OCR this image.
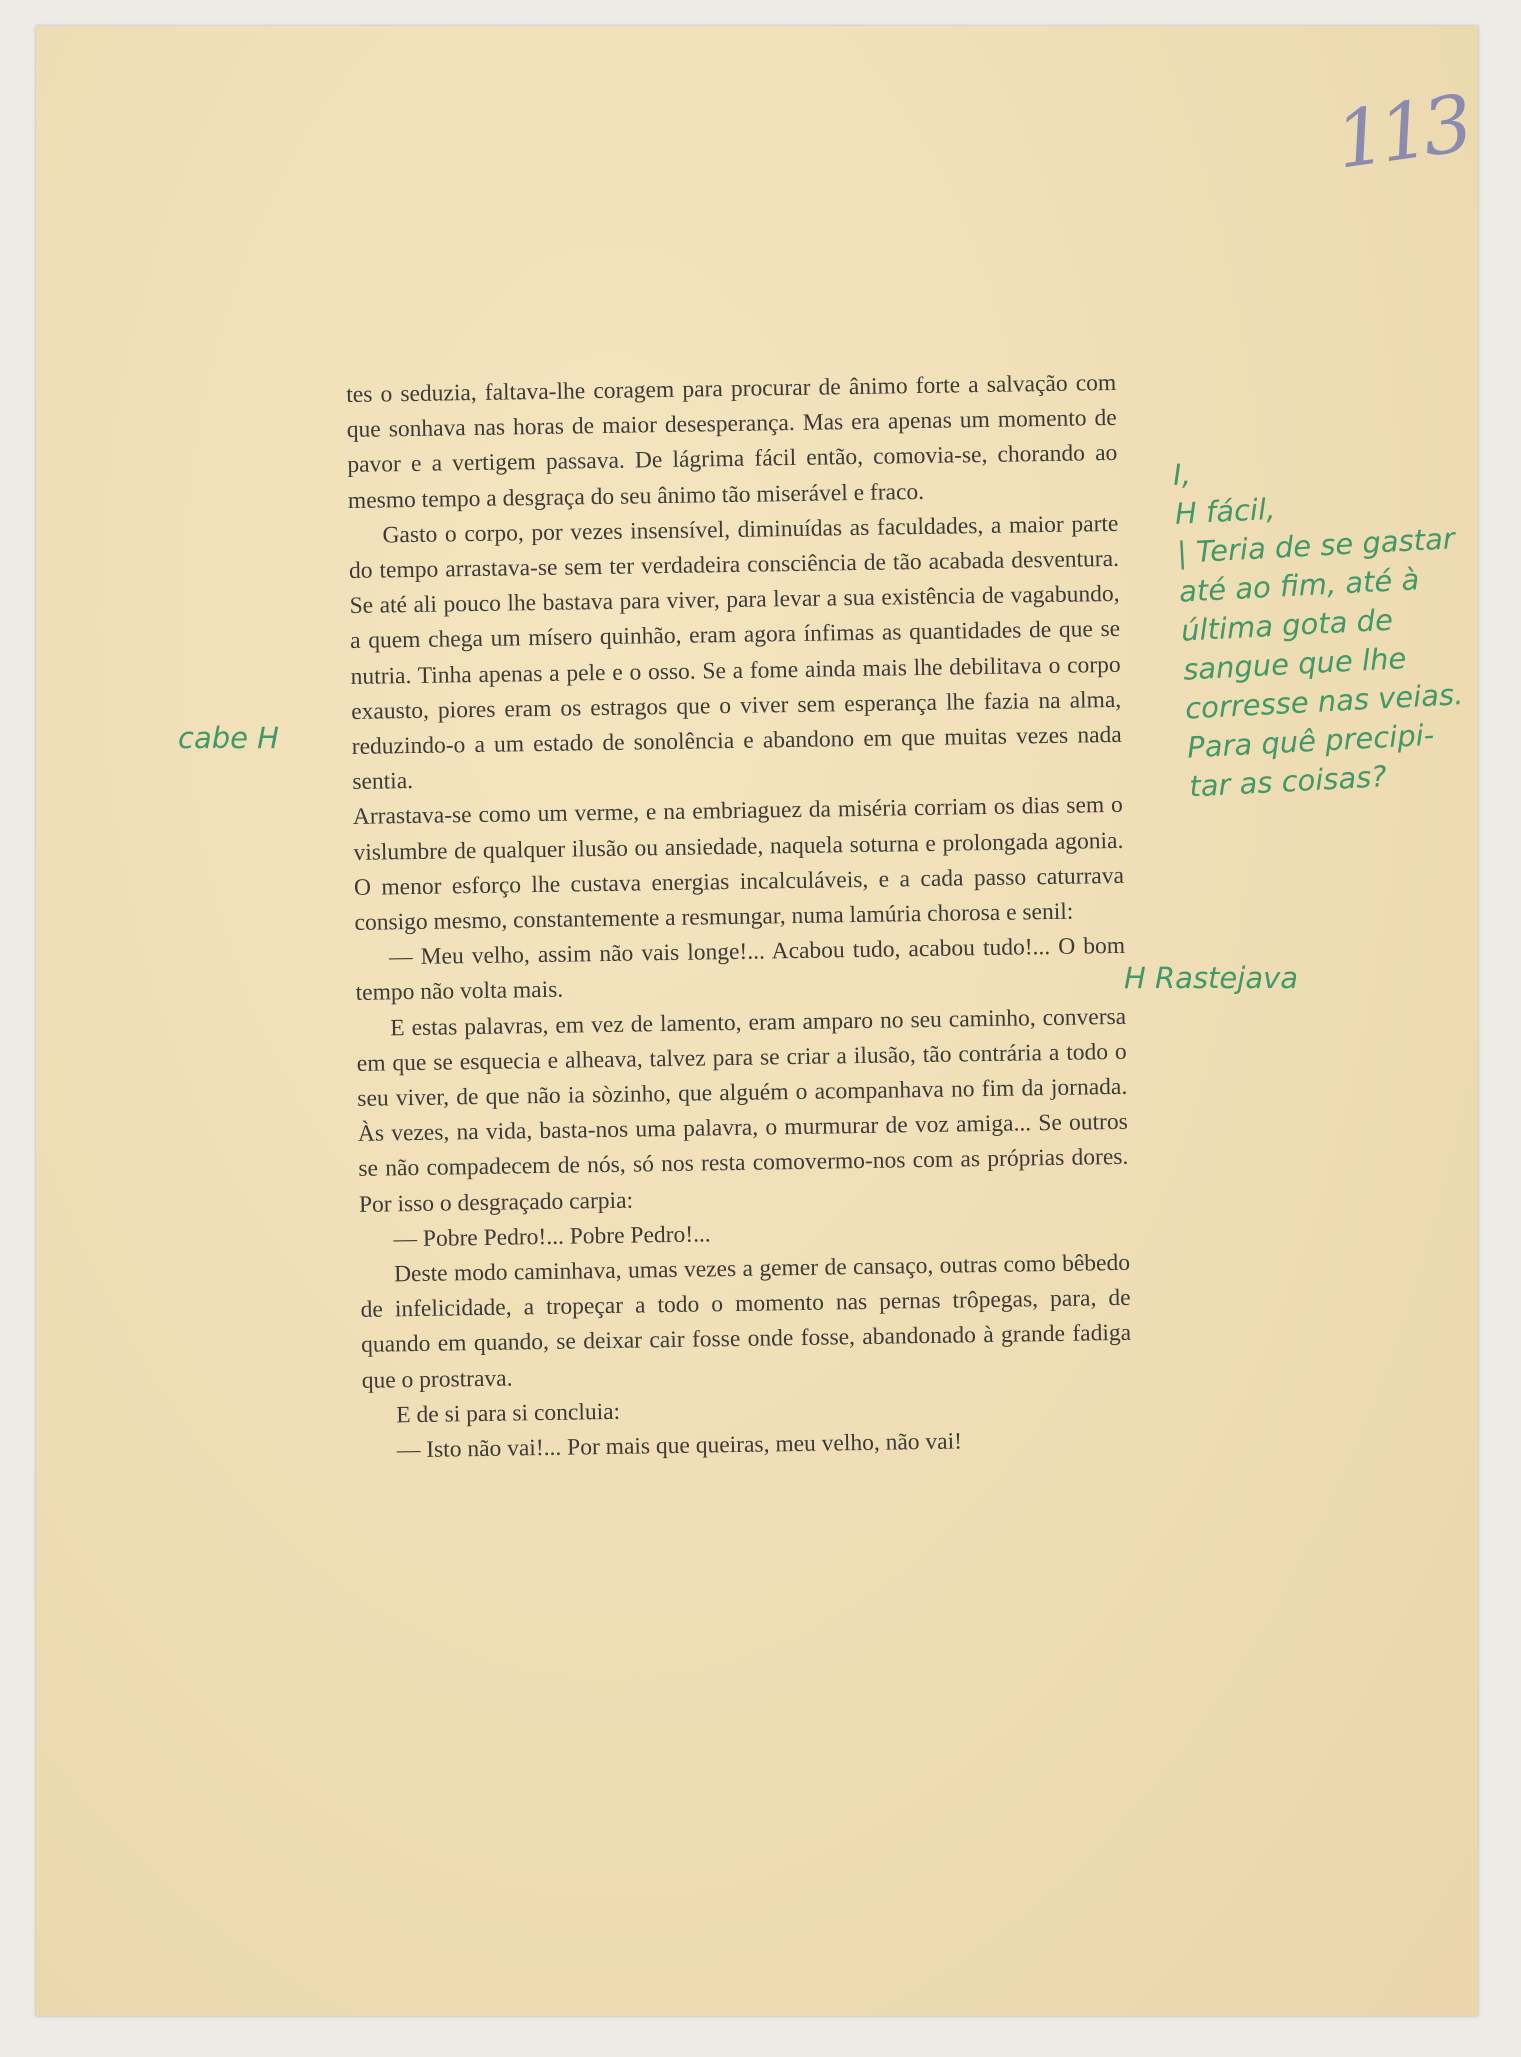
113

tes o seduzia, faltava-lhe coragem para procurar de ânimo forte a salvação com que sonhava nas horas de maior desesperança. Mas era apenas um momento de pavor e a vertigem passava. De lágrima fácil então, comovia-se, chorando ao mesmo tempo a desgraça do seu ânimo tão miserável e fraco.

Gasto o corpo, por vezes insensível, diminuídas as faculdades, a maior parte do tempo arrastava-se sem ter verdadeira consciência de tão acabada desventura. Se até ali pouco lhe bastava para viver, para levar a sua existência de vagabundo, a quem chega um mísero quinhão, eram agora ínfimas as quantidades de que se nutria. Tinha apenas a pele e o osso. Se a fome ainda mais lhe debilitava o corpo exausto, piores eram os estragos que o viver sem esperança lhe fazia na alma, reduzindo-o a um estado de sonolência e abandono em que muitas vezes nada sentia.

Arrastava-se como um verme, e na embriaguez da miséria corriam os dias sem o vislumbre de qualquer ilusão ou ansiedade, naquela soturna e prolongada agonia. O menor esforço lhe custava energias incalculáveis, e a cada passo caturrava consigo mesmo, constantemente a resmungar, numa lamúria chorosa e senil:

— Meu velho, assim não vais longe!... Acabou tudo, acabou tudo!... O bom tempo não volta mais.

E estas palavras, em vez de lamento, eram amparo no seu caminho, conversa em que se esquecia e alheava, talvez para se criar a ilusão, tão contrária a todo o seu viver, de que não ia sòzinho, que alguém o acompanhava no fim da jornada. Às vezes, na vida, basta-nos uma palavra, o murmurar de voz amiga... Se outros se não compadecem de nós, só nos resta comovermo-nos com as próprias dores. Por isso o desgraçado carpia:

— Pobre Pedro!... Pobre Pedro!...

Deste modo caminhava, umas vezes a gemer de cansaço, outras como bêbedo de infelicidade, a tropeçar a todo o momento nas pernas trôpegas, para, de quando em quando, se deixar cair fosse onde fosse, abandonado à grande fadiga que o prostrava.

E de si para si concluia:

— Isto não vai!... Por mais que queiras, meu velho, não vai!

cabe H
I,
H fácil,
| Teria de se gastar
até ao fim, até à
última gota de
sangue que lhe
corresse nas veias.
Para quê precipi-
tar as coisas?
H Rastejava
